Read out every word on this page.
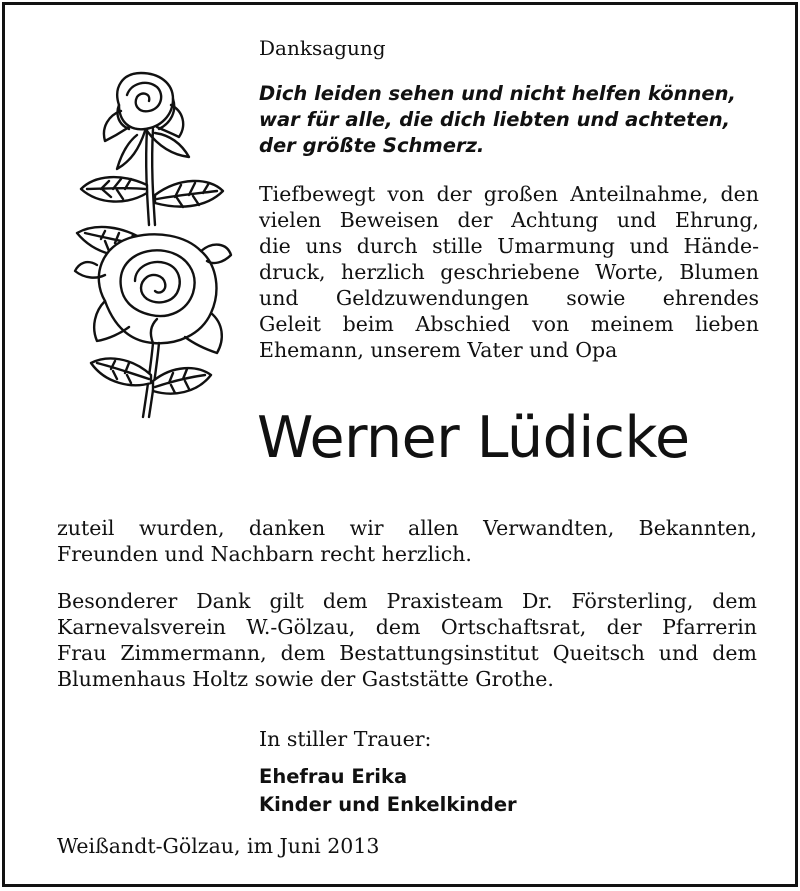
Danksagung
Dich leiden sehen und nicht helfen können,
war für alle, die dich liebten und achteten,
der größte Schmerz.
Tiefbewegt von der großen Anteilnahme, den
vielen Beweisen der Achtung und Ehrung,
die uns durch stille Umarmung und Hände-
druck, herzlich geschriebene Worte, Blumen
und Geldzuwendungen sowie ehrendes
Geleit beim Abschied von meinem lieben
Ehemann, unserem Vater und Opa
Werner Lüdicke
zuteil wurden, danken wir allen Verwandten, Bekannten,
Freunden und Nachbarn recht herzlich.
Besonderer Dank gilt dem Praxisteam Dr. Försterling, dem
Karnevalsverein W.-Gölzau, dem Ortschaftsrat, der Pfarrerin
Frau Zimmermann, dem Bestattungsinstitut Queitsch und dem
Blumenhaus Holtz sowie der Gaststätte Grothe.
In stiller Trauer:
Ehefrau Erika
Kinder und Enkelkinder
Weißandt-Gölzau, im Juni 2013
